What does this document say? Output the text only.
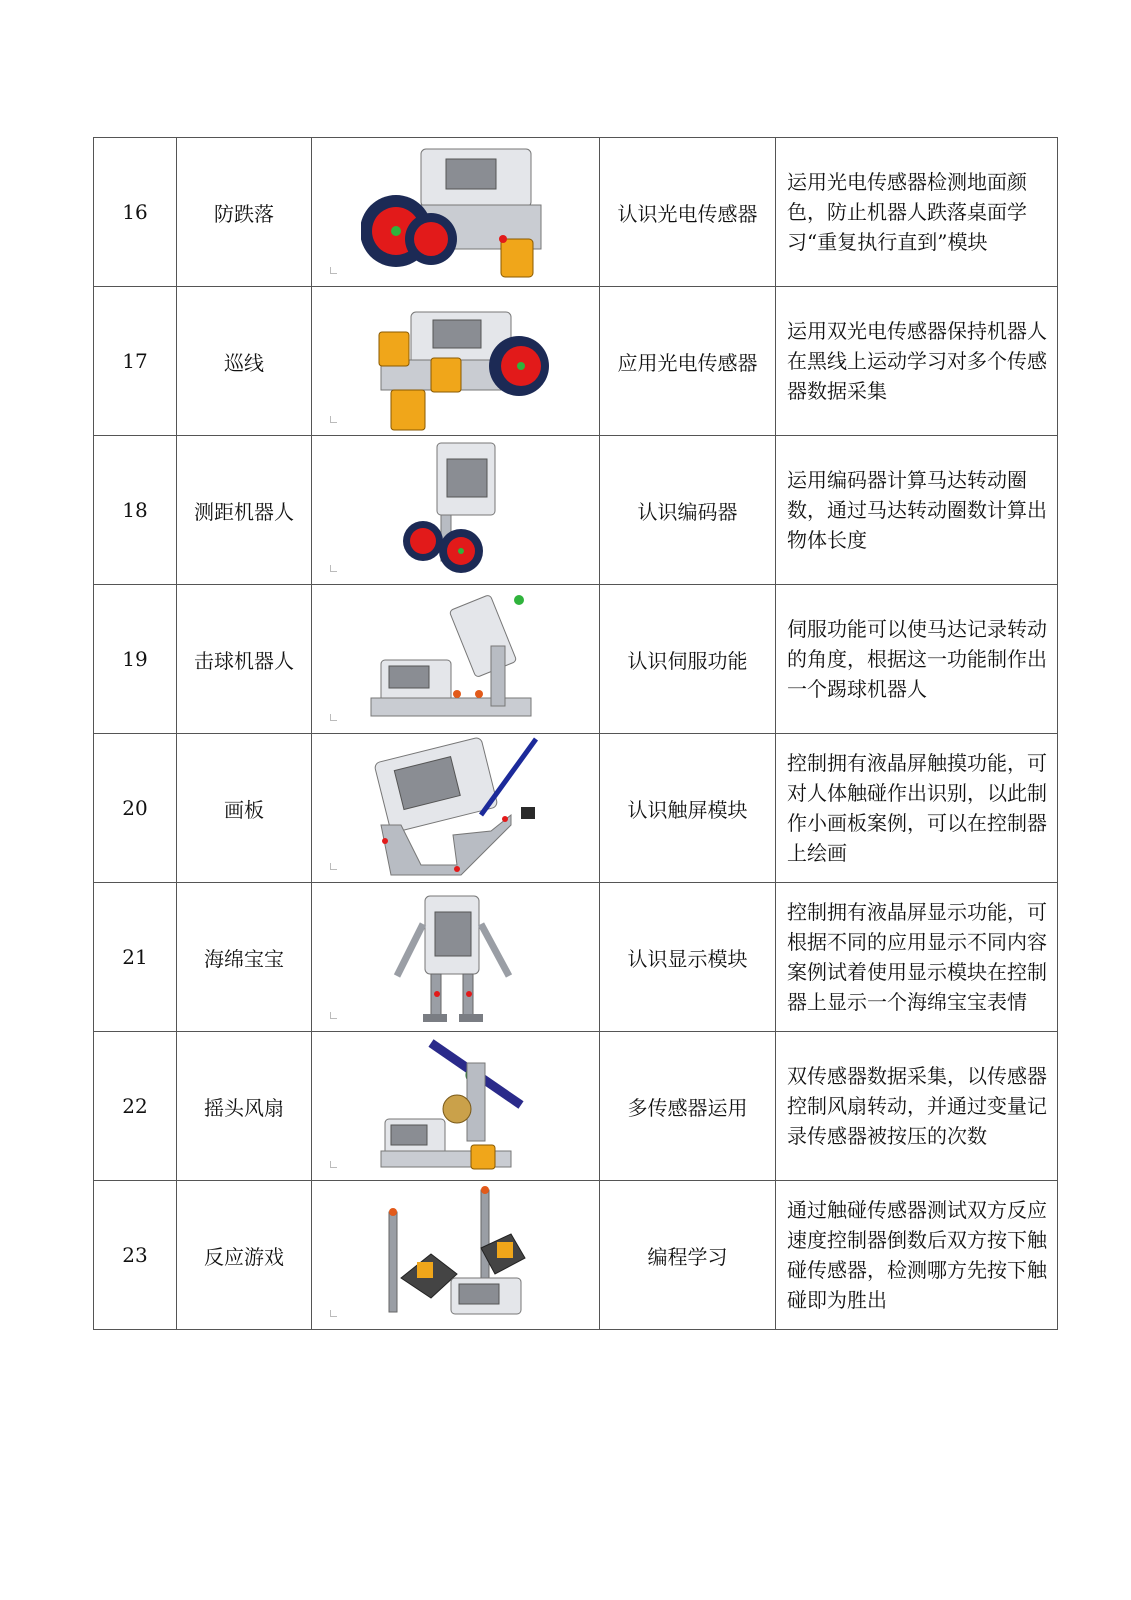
16	防跌落		认识光电传感器	运用光电传感器检测地面颜色，防止机器人跌落桌面学习“重复执行直到”模块
17	巡线		应用光电传感器	运用双光电传感器保持机器人在黑线上运动学习对多个传感器数据采集
18	测距机器人		认识编码器	运用编码器计算马达转动圈数，通过马达转动圈数计算出物体长度
19	击球机器人		认识伺服功能	伺服功能可以使马达记录转动的角度，根据这一功能制作出一个踢球机器人
20	画板		认识触屏模块	控制拥有液晶屏触摸功能，可对人体触碰作出识别，以此制作小画板案例，可以在控制器上绘画
21	海绵宝宝		认识显示模块	控制拥有液晶屏显示功能，可根据不同的应用显示不同内容案例试着使用显示模块在控制器上显示一个海绵宝宝表情
22	摇头风扇		多传感器运用	双传感器数据采集，以传感器控制风扇转动，并通过变量记录传感器被按压的次数
23	反应游戏		编程学习	通过触碰传感器测试双方反应速度控制器倒数后双方按下触碰传感器，检测哪方先按下触碰即为胜出
